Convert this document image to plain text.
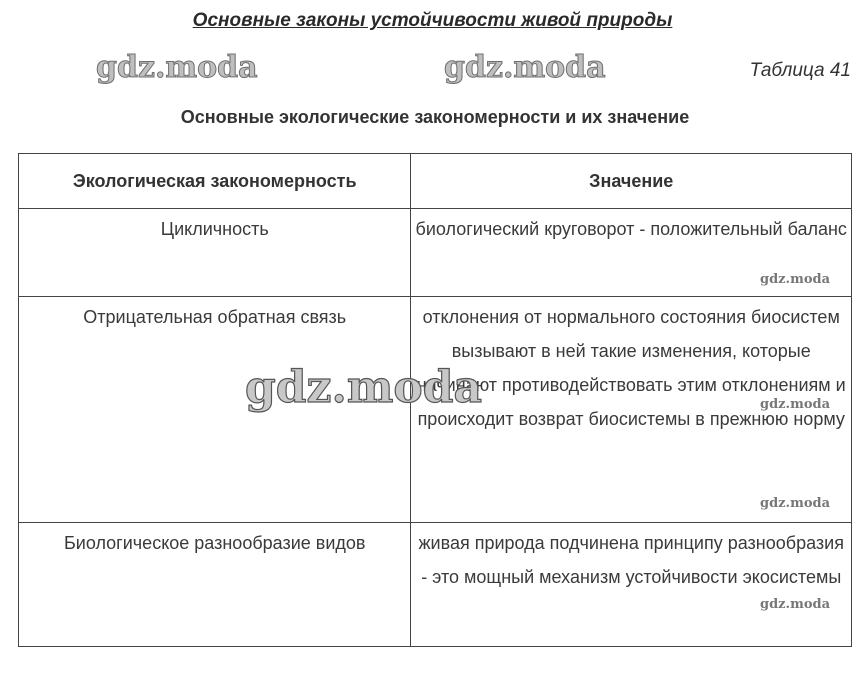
Основные законы устойчивости живой природы
gdz.moda	gdz.moda	Таблица 41
Основные экологические закономерности и их значение
Экологическая закономерность	Значение
Цикличность	биологический круговорот - положительный баланс
Отрицательная обратная связь	отклонения от нормального состояния биосистем вызывают в ней такие изменения, которые начинают противодействовать этим отклонениям и происходит возврат биосистемы в прежнюю норму
Биологическое разнообразие видов	живая природа подчинена принципу разнообразия - это мощный механизм устойчивости экосистемы
gdz.moda
gdz.moda
gdz.moda
gdz.moda
gdz.moda
